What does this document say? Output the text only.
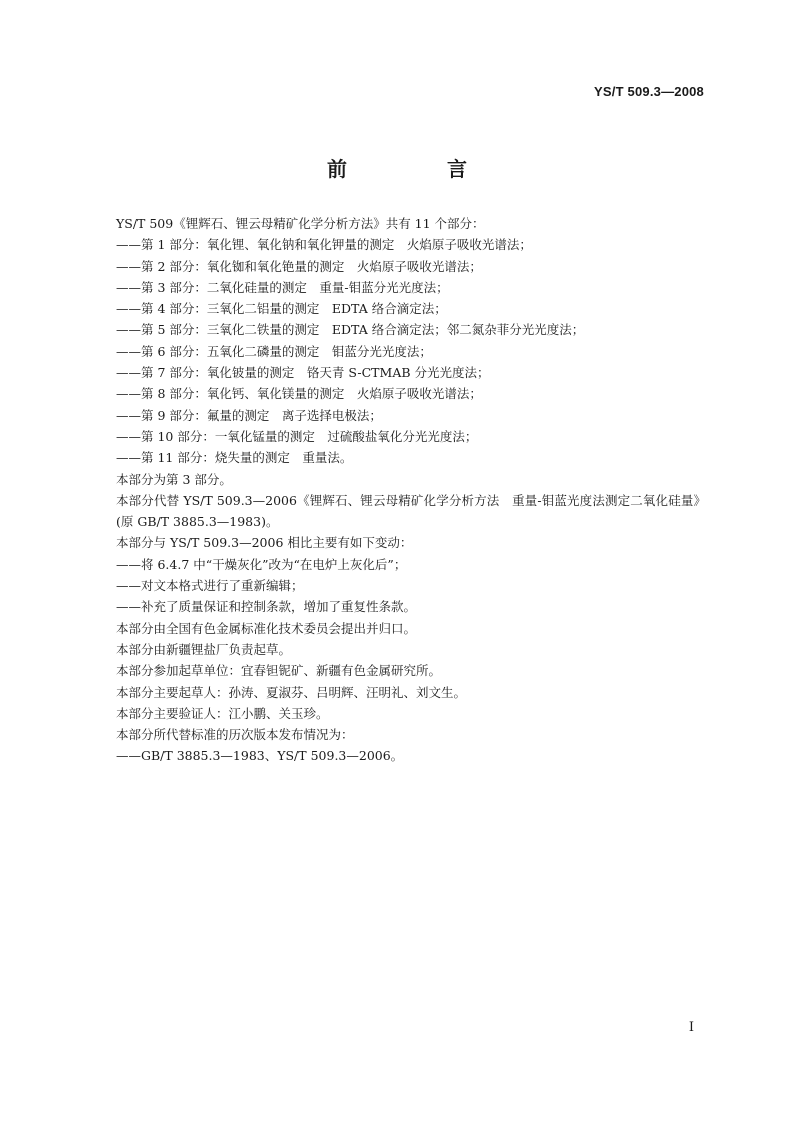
YS/T 509.3—2008
前　言

YS/T 509《锂辉石、锂云母精矿化学分析方法》共有 11 个部分：

——第 1 部分：氧化锂、氧化钠和氧化钾量的测定　火焰原子吸收光谱法；

——第 2 部分：氧化铷和氧化铯量的测定　火焰原子吸收光谱法；

——第 3 部分：二氧化硅量的测定　重量-钼蓝分光光度法；

——第 4 部分：三氧化二铝量的测定　EDTA 络合滴定法；

——第 5 部分：三氧化二铁量的测定　EDTA 络合滴定法；邻二氮杂菲分光光度法；

——第 6 部分：五氧化二磷量的测定　钼蓝分光光度法；

——第 7 部分：氧化铍量的测定　铬天青 S-CTMAB 分光光度法；

——第 8 部分：氧化钙、氧化镁量的测定　火焰原子吸收光谱法；

——第 9 部分：氟量的测定　离子选择电极法；

——第 10 部分：一氧化锰量的测定　过硫酸盐氧化分光光度法；

——第 11 部分：烧失量的测定　重量法。

本部分为第 3 部分。

本部分代替 YS/T 509.3—2006《锂辉石、锂云母精矿化学分析方法　重量-钼蓝光度法测定二氧化硅量》(原 GB/T 3885.3—1983)。

本部分与 YS/T 509.3—2006 相比主要有如下变动：

——将 6.4.7 中“干燥灰化”改为“在电炉上灰化后”；

——对文本格式进行了重新编辑；

——补充了质量保证和控制条款，增加了重复性条款。

本部分由全国有色金属标准化技术委员会提出并归口。

本部分由新疆锂盐厂负责起草。

本部分参加起草单位：宜春钽铌矿、新疆有色金属研究所。

本部分主要起草人：孙涛、夏淑芬、吕明辉、汪明礼、刘文生。

本部分主要验证人：江小鹏、关玉珍。

本部分所代替标准的历次版本发布情况为：

——GB/T 3885.3—1983、YS/T 509.3—2006。

I
